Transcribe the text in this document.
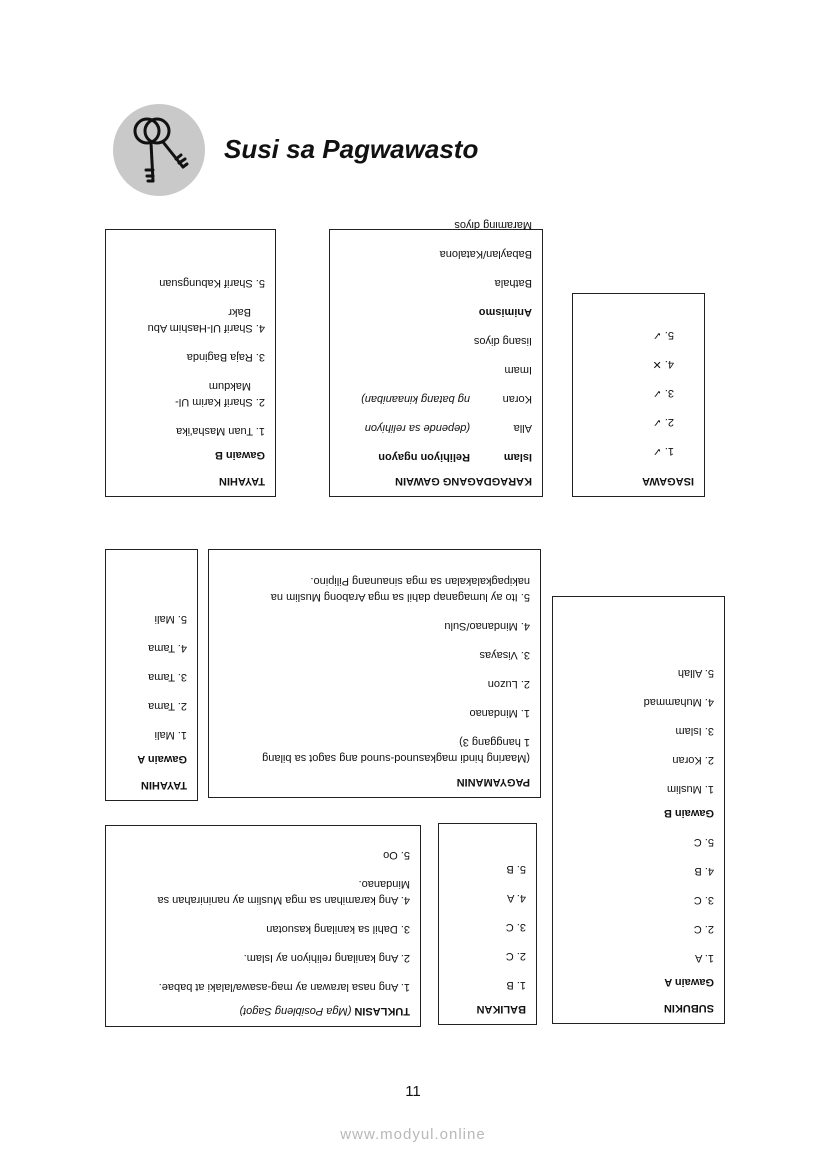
Susi sa Pagwawasto
ISAGAWA
1. ✓
2. ✓
3. ✓
4. ✕
5. ✓
KARAGDAGANG GAWAIN
Islam
Relihiyon ngayon
Alla
(depende sa relihiyon
Koran
ng batang kinaaniban)
Imam
Iisang diyos
Animismo
Bathala
Babaylan/Katalona
Maraming diyos
TAYAHIN
Gawain B
1. Tuan Masha'ika
2. Sharif Karim Ul-
Makdum
3. Raja Baginda
4. Sharif Ul-Hashim Abu
Bakr
5. Sharif Kabungsuan
SUBUKIN
Gawain A
1. A
2. C
3. C
4. B
5. C
Gawain B
1. Muslim
2. Koran
3. Islam
4. Muhammad
5. Allah
PAGYAMANIN
(Maaring hindi magkasunod-sunod ang sagot sa bilang
1 hanggang 3)
1. Mindanao
2. Luzon
3. Visayas
4. Mindanao/Sulu
5. Ito ay lumaganap dahil sa mga Arabong Muslim na
nakipagkalakalan sa mga sinaunang Pilipino.
TAYAHIN
Gawain A
1. Mali
2. Tama
3. Tama
4. Tama
5. Mali
BALIKAN
1. B
2. C
3. C
4. A
5. B
TUKLASIN (Mga Posibleng Sagot)
1. Ang nasa larawan ay mag-asawa/lalaki at babae.
2. Ang kanilang relihiyon ay Islam.
3. Dahil sa kanilang kasuotan
4. Ang karamihan sa mga Muslim ay naninirahan sa
Mindanao.
5. Oo
11
www.modyul.online
